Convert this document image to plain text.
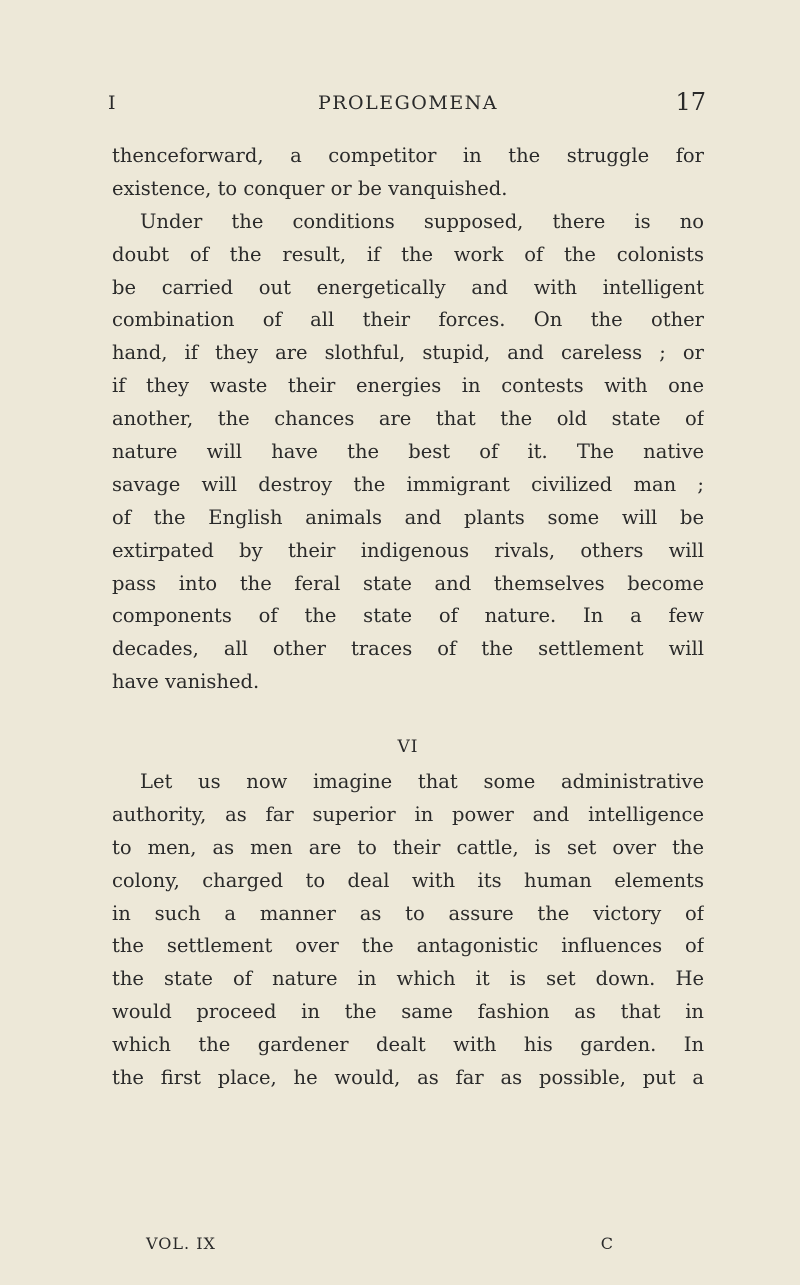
I	PROLEGOMENA	17
thenceforward, a competitor in the struggle for
existence, to conquer or be vanquished.
Under the conditions supposed, there is no
doubt of the result, if the work of the colonists
be carried out energetically and with intelligent
combination of all their forces. On the other
hand, if they are slothful, stupid, and careless ; or
if they waste their energies in contests with one
another, the chances are that the old state of
nature will have the best of it. The native
savage will destroy the immigrant civilized man ;
of the English animals and plants some will be
extirpated by their indigenous rivals, others will
pass into the feral state and themselves become
components of the state of nature. In a few
decades, all other traces of the settlement will
have vanished.
VI
Let us now imagine that some administrative
authority, as far superior in power and intelligence
to men, as men are to their cattle, is set over the
colony, charged to deal with its human elements
in such a manner as to assure the victory of
the settlement over the antagonistic influences of
the state of nature in which it is set down. He
would proceed in the same fashion as that in
which the gardener dealt with his garden. In
the first place, he would, as far as possible, put a
VOL. IX	C
